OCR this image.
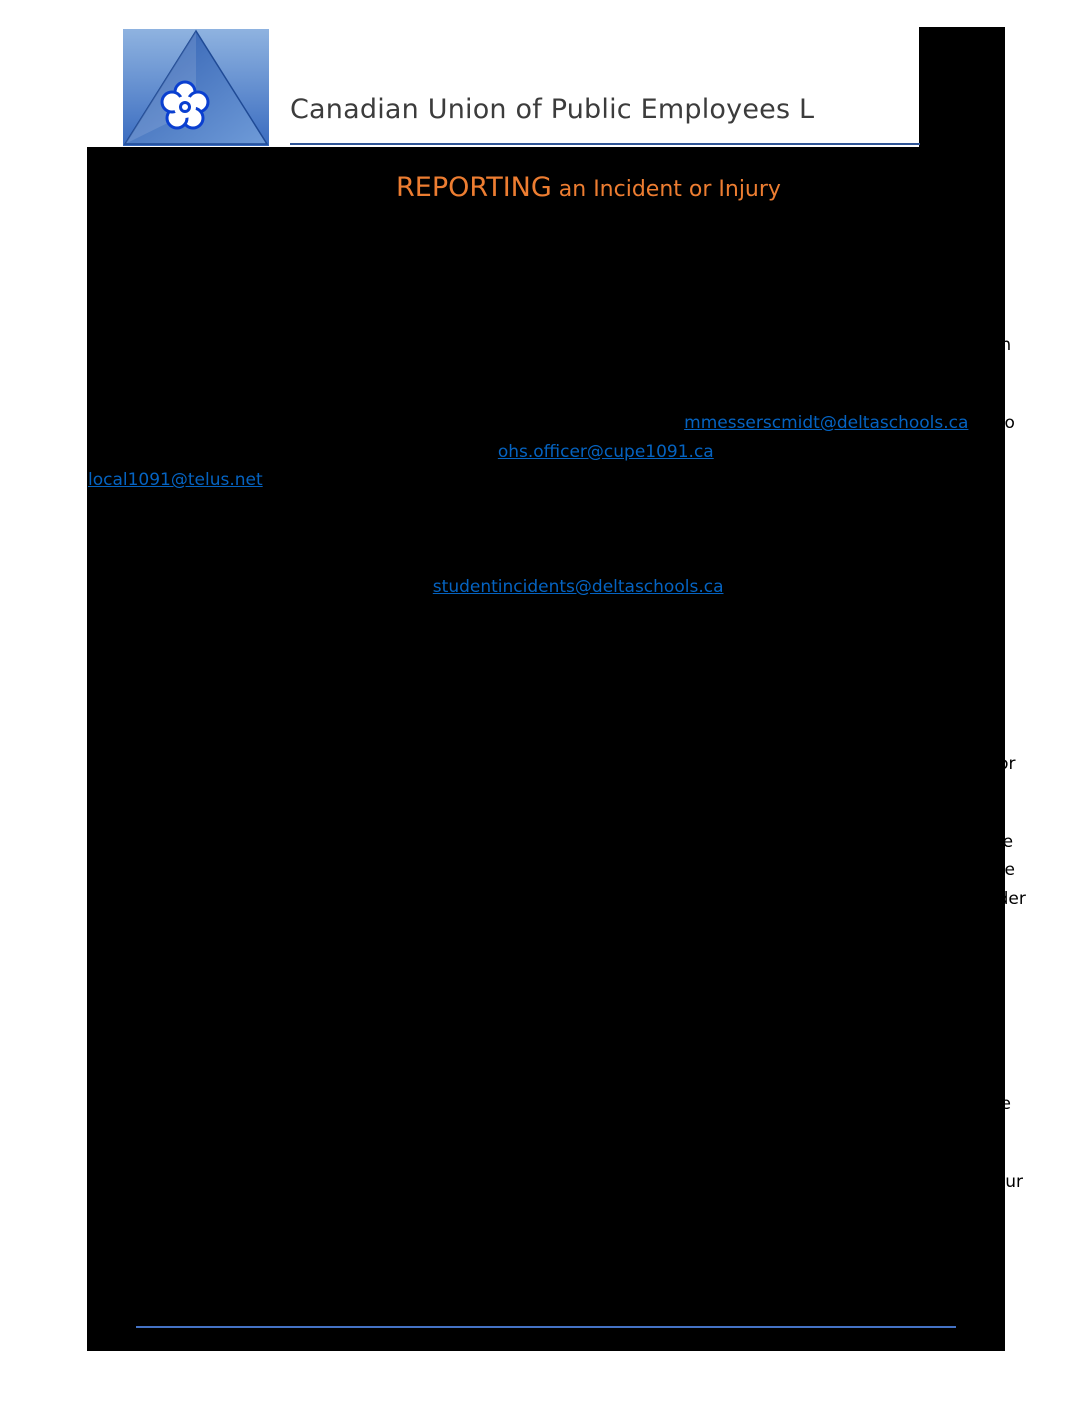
Canadian Union of Public Employees L
REPORTING an Incident or Injury

Step 1 – If you are injured at your work site seek First Aid immediately.

Step 2 - Report the incident to the Administrator or Supervisor and CUPE OH&S Representative

Step 3 - Complete Employee Incident Report form on CLEVR OR ON PAPER (CLEVR user guides available on Teams). Make a copy for yourself and submit a copy to your school administrator or worksite supervisor.

Step 4 – Email Employee Incident form to Mike Messerschmidt at: mmesserscmidt@deltaschools.ca. Also send employee incident forms to Joanne Gill at: ohs.officer@cupe1091.ca or your union office at: local1091@telus.net

Step 5 – If the employee has been injured by a student at an intensity that would require the employee to also fill out an Employee Incident report, a Student Incident Report must be filled out. Email Student Incident form to Inclusive Learning at: studentincidents@deltaschools.ca

• All documents MUST be completed within 48 hours of workplace injury or illness on company time.
• You MUST be provided paid time to complete forms not on your break time. This is WorkSafeBC regulations.
• If you are not able to complete forms during your workday, you MUST first talk to your Administrator or Supervisor for permission to complete forms after hours.
• If the event was traumatic, ensure your supervisor is aware of how you are feeling and you take care of your mental health; take a break, seek help, reset. Your employer should ensure any unacceptable behaviours are stopped, and the work environment is safe and welcoming. Please see Mental Disorder claims sheet for further information.

Step 6 - Call WorkSafeBC Dial-A-Claim - 1-888-WORKERS (1-888-967-5377)

• File a WorkSafeBC claim even if you don’t miss work. Every injury needs to be reported in case of future injury or loss of work.
• You can fill out WorkSafeBC form 6A but it is easier to call. They will complete forms for you and give you a claim number right away.

Step 7 – Go to your doctor immediately and let them know you have been injured or became ill at work. Your doctor is obligated to report to WorkSafeBC
